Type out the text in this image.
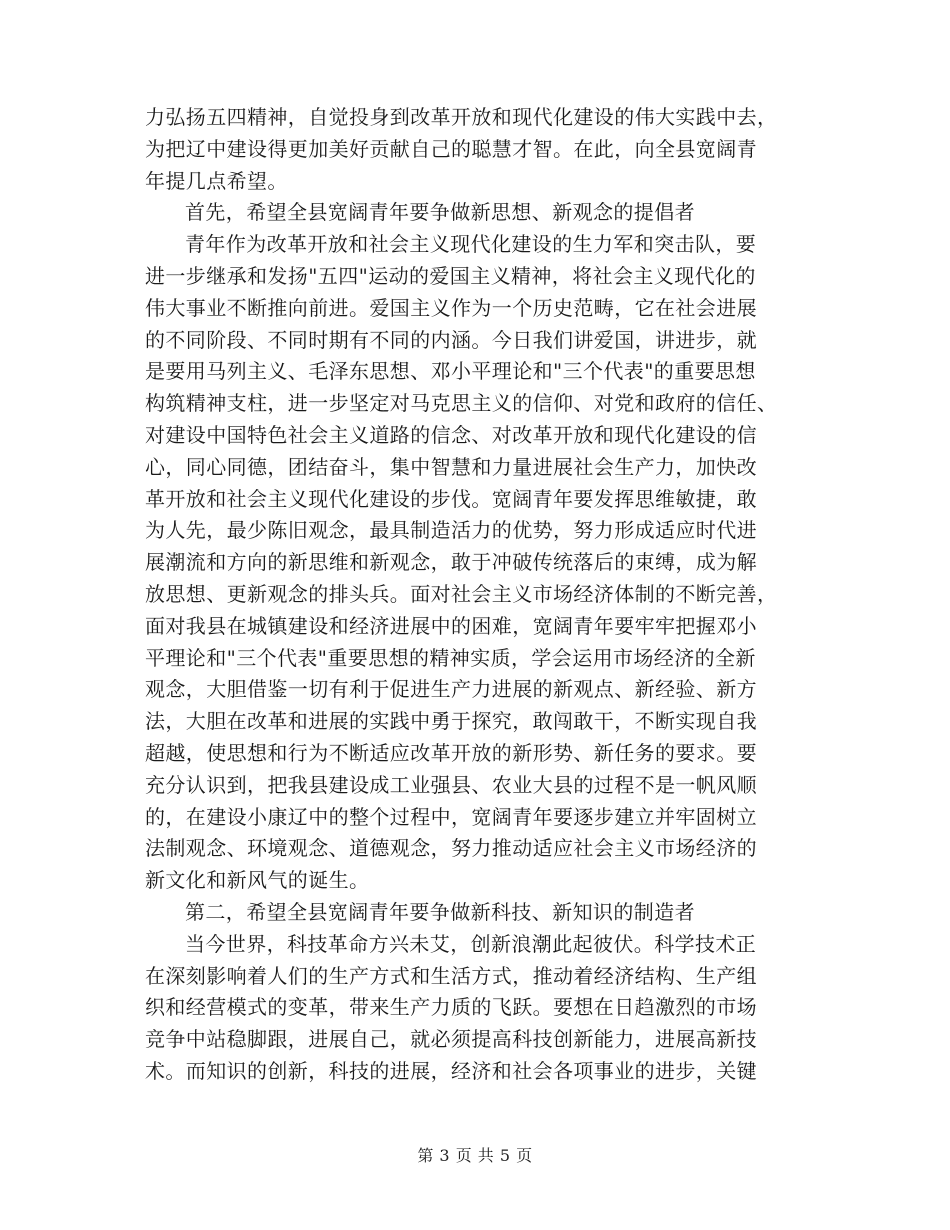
力弘扬五四精神，自觉投身到改革开放和现代化建设的伟大实践中去，
为把辽中建设得更加美好贡献自己的聪慧才智。在此，向全县宽阔青
年提几点希望。
首先，希望全县宽阔青年要争做新思想、新观念的提倡者
青年作为改革开放和社会主义现代化建设的生力军和突击队，要
进一步继承和发扬"五四"运动的爱国主义精神，将社会主义现代化的
伟大事业不断推向前进。爱国主义作为一个历史范畴，它在社会进展
的不同阶段、不同时期有不同的内涵。今日我们讲爱国，讲进步，就
是要用马列主义、毛泽东思想、邓小平理论和"三个代表"的重要思想
构筑精神支柱，进一步坚定对马克思主义的信仰、对党和政府的信任、
对建设中国特色社会主义道路的信念、对改革开放和现代化建设的信
心，同心同德，团结奋斗，集中智慧和力量进展社会生产力，加快改
革开放和社会主义现代化建设的步伐。宽阔青年要发挥思维敏捷，敢
为人先，最少陈旧观念，最具制造活力的优势，努力形成适应时代进
展潮流和方向的新思维和新观念，敢于冲破传统落后的束缚，成为解
放思想、更新观念的排头兵。面对社会主义市场经济体制的不断完善，
面对我县在城镇建设和经济进展中的困难，宽阔青年要牢牢把握邓小
平理论和"三个代表"重要思想的精神实质，学会运用市场经济的全新
观念，大胆借鉴一切有利于促进生产力进展的新观点、新经验、新方
法，大胆在改革和进展的实践中勇于探究，敢闯敢干，不断实现自我
超越，使思想和行为不断适应改革开放的新形势、新任务的要求。要
充分认识到，把我县建设成工业强县、农业大县的过程不是一帆风顺
的，在建设小康辽中的整个过程中，宽阔青年要逐步建立并牢固树立
法制观念、环境观念、道德观念，努力推动适应社会主义市场经济的
新文化和新风气的诞生。
第二，希望全县宽阔青年要争做新科技、新知识的制造者
当今世界，科技革命方兴未艾，创新浪潮此起彼伏。科学技术正
在深刻影响着人们的生产方式和生活方式，推动着经济结构、生产组
织和经营模式的变革，带来生产力质的飞跃。要想在日趋激烈的市场
竞争中站稳脚跟，进展自己，就必须提高科技创新能力，进展高新技
术。而知识的创新，科技的进展，经济和社会各项事业的进步，关键
第 3 页 共 5 页
